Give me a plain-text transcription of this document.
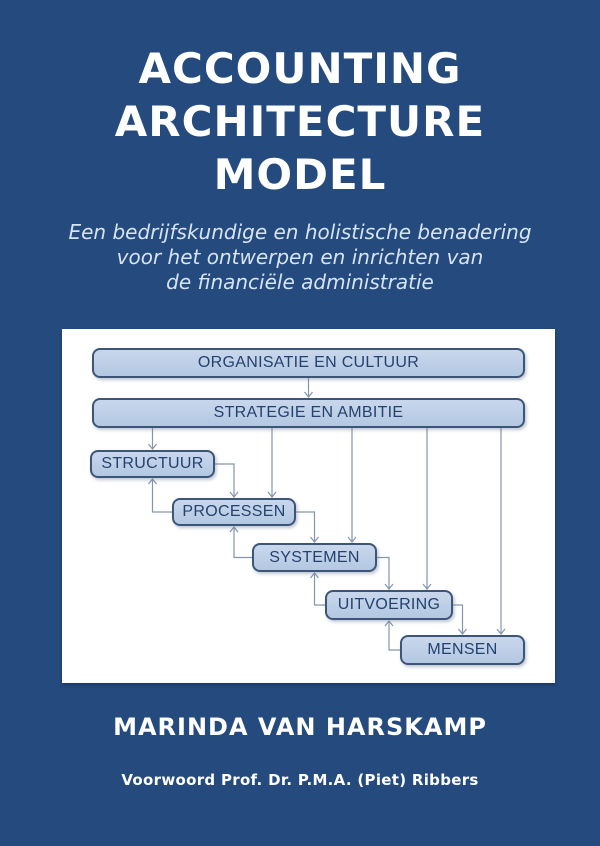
ACCOUNTING
ARCHITECTURE
MODEL
Een bedrijfskundige en holistische benadering
voor het ontwerpen en inrichten van
de financiële administratie
ORGANISATIE EN CULTUUR
STRATEGIE EN AMBITIE
STRUCTUUR
PROCESSEN
SYSTEMEN
UITVOERING
MENSEN
MARINDA VAN HARSKAMP
Voorwoord Prof. Dr. P.M.A. (Piet) Ribbers
